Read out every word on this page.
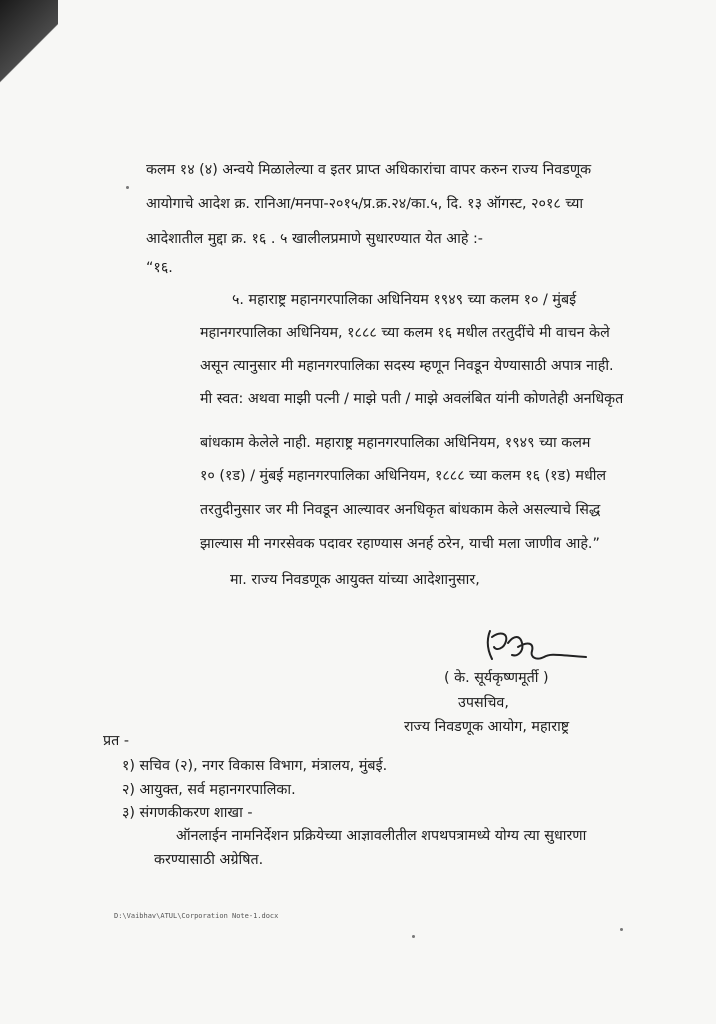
कलम १४ (४) अन्वये मिळालेल्या व इतर प्राप्त अधिकारांचा वापर करुन राज्य निवडणूक
आयोगाचे आदेश क्र. रानिआ/मनपा-२०१५/प्र.क्र.२४/का.५, दि. १३ ऑगस्ट, २०१८ च्या
आदेशातील मुद्दा क्र. १६ . ५ खालीलप्रमाणे सुधारण्यात येत आहे :-
“१६.
५. महाराष्ट्र महानगरपालिका अधिनियम १९४९ च्या कलम १० / मुंबई
महानगरपालिका अधिनियम, १८८८ च्या कलम १६ मधील तरतुदींचे मी वाचन केले
असून त्यानुसार मी महानगरपालिका सदस्य म्हणून निवडून येण्यासाठी अपात्र नाही.
मी स्वत: अथवा माझी पत्नी / माझे पती / माझे अवलंबित यांनी कोणतेही अनधिकृत
बांधकाम केलेले नाही. महाराष्ट्र महानगरपालिका अधिनियम, १९४९ च्या कलम
१० (१ड) / मुंबई महानगरपालिका अधिनियम, १८८८ च्या कलम १६ (१ड) मधील
तरतुदीनुसार जर मी निवडून आल्यावर अनधिकृत बांधकाम केले असल्याचे सिद्ध
झाल्यास मी नगरसेवक पदावर रहाण्यास अनर्ह ठरेन, याची मला जाणीव आहे.”
मा. राज्य निवडणूक आयुक्त यांच्या आदेशानुसार,
( के. सूर्यकृष्णमूर्ती )
उपसचिव,
राज्य निवडणूक आयोग, महाराष्ट्र
प्रत -
१) सचिव (२), नगर विकास विभाग, मंत्रालय, मुंबई.
२) आयुक्त, सर्व महानगरपालिका.
३) संगणकीकरण शाखा -
ऑनलाईन नामनिर्देशन प्रक्रियेच्या आज्ञावलीतील शपथपत्रामध्ये योग्य त्या सुधारणा
करण्यासाठी अग्रेषित.
D:\Vaibhav\ATUL\Corporation Note-1.docx
